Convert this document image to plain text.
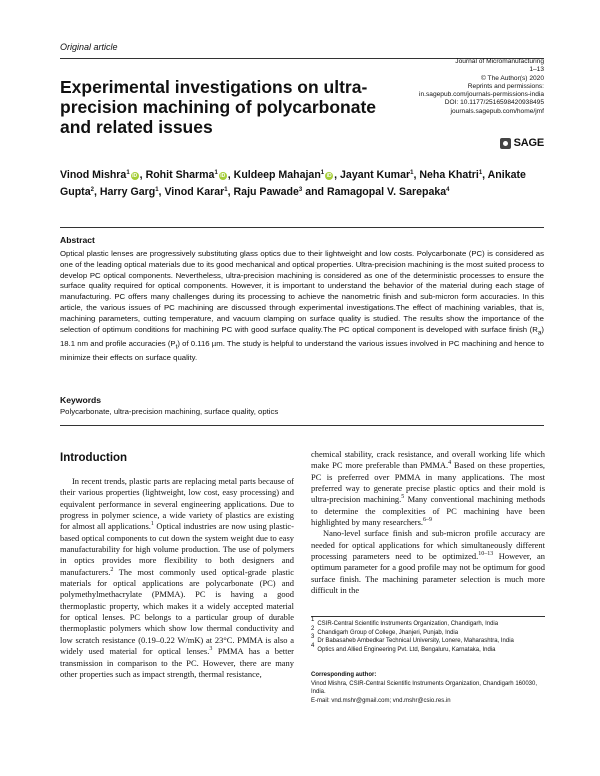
Original article
Experimental investigations on ultra-precision machining of polycarbonate and related issues
Journal of Micromanufacturing
1–13
© The Author(s) 2020
Reprints and permissions:
in.sagepub.com/journals-permissions-india
DOI: 10.1177/2516598420938495
journals.sagepub.com/home/jmf
SAGE
Vinod Mishra$^1$ iD , Rohit Sharma$^1$ iD , Kuldeep Mahajan$^1$ iD , Jayant Kumar$^1$, Neha Khatri$^1$, Anikate Gupta$^2$, Harry Garg$^1$, Vinod Karar$^1$, Raju Pawade$^3$ and Ramagopal V. Sarepaka$^4$
Abstract
Optical plastic lenses are progressively substituting glass optics due to their lightweight and low costs. Polycarbonate (PC) is considered as one of the leading optical materials due to its good mechanical and optical properties. Ultra-precision machining is the most suited process to develop PC optical components. Nevertheless, ultra-precision machining is considered as one of the deterministic processes to ensure the surface quality required for optical components. However, it is important to understand the behavior of the material during each stage of manufacturing. PC offers many challenges during its processing to achieve the nanometric finish and sub-micron form accuracies. In this article, the various issues of PC machining are discussed through experimental investigations.The effect of machining variables, that is, machining parameters, cutting temperature, and vacuum clamping on surface quality is studied. The results show the importance of the selection of optimum conditions for machining PC with good surface quality.The PC optical component is developed with surface finish $(R_a)$ 18.1 nm and profile accuracies $(P_t)$ of 0.116 µm. The study is helpful to understand the various issues involved in PC machining and hence to minimize their effects on surface quality.
Keywords
Polycarbonate, ultra-precision machining, surface quality, optics
Introduction

In recent trends, plastic parts are replacing metal parts because of their various properties (lightweight, low cost, easy processing) and equivalent performance in several engineering applications. Due to progress in polymer science, a wide variety of plastics are existing for almost all applications.$^1$ Optical industries are now using plastic-based optical components to cut down the system weight due to easy manufacturability for high volume production. The use of polymers in optics provides more flexibility to both designers and manufacturers.$^2$ The most commonly used optical-grade plastic materials for optical applications are polycarbonate (PC) and polymethylmethacrylate (PMMA). PC is having a good thermoplastic property, which makes it a widely accepted material for optical lenses. PC belongs to a particular group of durable thermoplastic polymers which show low thermal conductivity and low scratch resistance (0.19–0.22 W/mK) at 23°C. PMMA is also a widely used material for optical lenses.$^3$ PMMA has a better transmission in comparison to the PC. However, there are many other properties such as impact strength, thermal resistance,

chemical stability, crack resistance, and overall working life which make PC more preferable than PMMA.$^4$ Based on these properties, PC is preferred over PMMA in many applications. The most preferred way to generate precise plastic optics and their mold is ultra-precision machining.$^5$ Many conventional machining methods to determine the complexities of PC machining have been highlighted by many researchers.$^{6-9}$

Nano-level surface finish and sub-micron profile accuracy are needed for optical applications for which simultaneously different processing parameters need to be optimized.$^{10-13}$ However, an optimum parameter for a good profile may not be optimum for good surface finish. The machining parameter selection is much more difficult in the

1
CSIR-Central Scientific Instruments Organization, Chandigarh, India
2
Chandigarh Group of College, Jhanjeri, Punjab, India
3
Dr Babasaheb Ambedkar Technical University, Lonere, Maharashtra, India
4
Optics and Allied Engineering Pvt. Ltd, Bengaluru, Karnataka, India
Corresponding author:
Vinod Mishra, CSIR-Central Scientific Instruments Organization, Chandigarh 160030, India.
E-mail: vnd.mshr@gmail.com; vnd.mshr@csio.res.in
